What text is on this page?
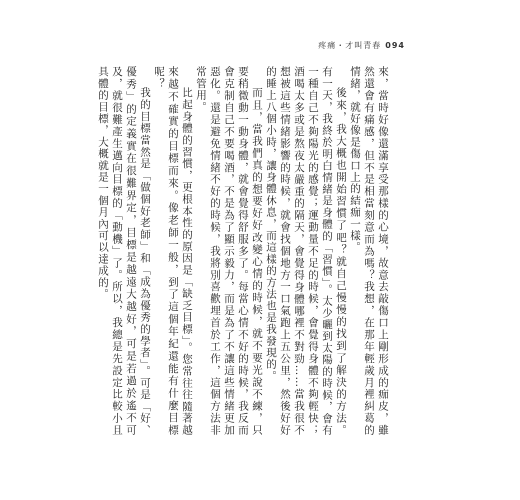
疼痛・才叫青春 094

來，當時好像還滿享受那樣的心境，故意去敲傷口上剛形成的痂皮，雖然還會有痛感，但不是相當刻意而為嗎？我想，在那年輕歲月裡糾葛的情緒，就好像是傷口上的結痂一樣。

後來，我大概也開始習慣了吧？就自己慢慢的找到了解決的方法。有一天，我終於明白情緒是身體的「習慣」。太少曬到太陽的時候，會有一種自己不夠陽光的感覺；運動量不足的時候，會覺得身體不夠輕快；酒喝太多或是熬夜太嚴重的隔天，會覺得身體哪裡不對勁……當我很不想被這些情緒影響的時候，就會找個地方一口氣跑上五公里，然後好好的睡上八個小時，讓身體休息，而這樣的方法也是我發現的。

而且，當我們真的想要好好改變心情的時候，就不要光說不練，只要稍微動一動身體，就會覺得舒服多了。每當心情不好的時候，我反而會克制自己不要喝酒，不是為了顯示毅力，而是為了不讓這些情緒更加惡化。還是避免情緒不好的時候，我將別喜歡埋首於工作，這個方法非常管用。

比起身體的習慣，更根本性的原因是「缺乏目標」。您常往往隨著越來越不確實的目標而來。像老師一般，到了這個年紀還能有什麼目標呢？

我的目標當然是「做個好老師」和「成為優秀的學者」。可是「好、優秀」的定義實在很難界定，目標是越遠大越好，可是若過於遙不可及，就很難產生邁向目標的「動機」了。所以，我總是先設定比較小且具體的目標，大概就是一個月內可以達成的。
